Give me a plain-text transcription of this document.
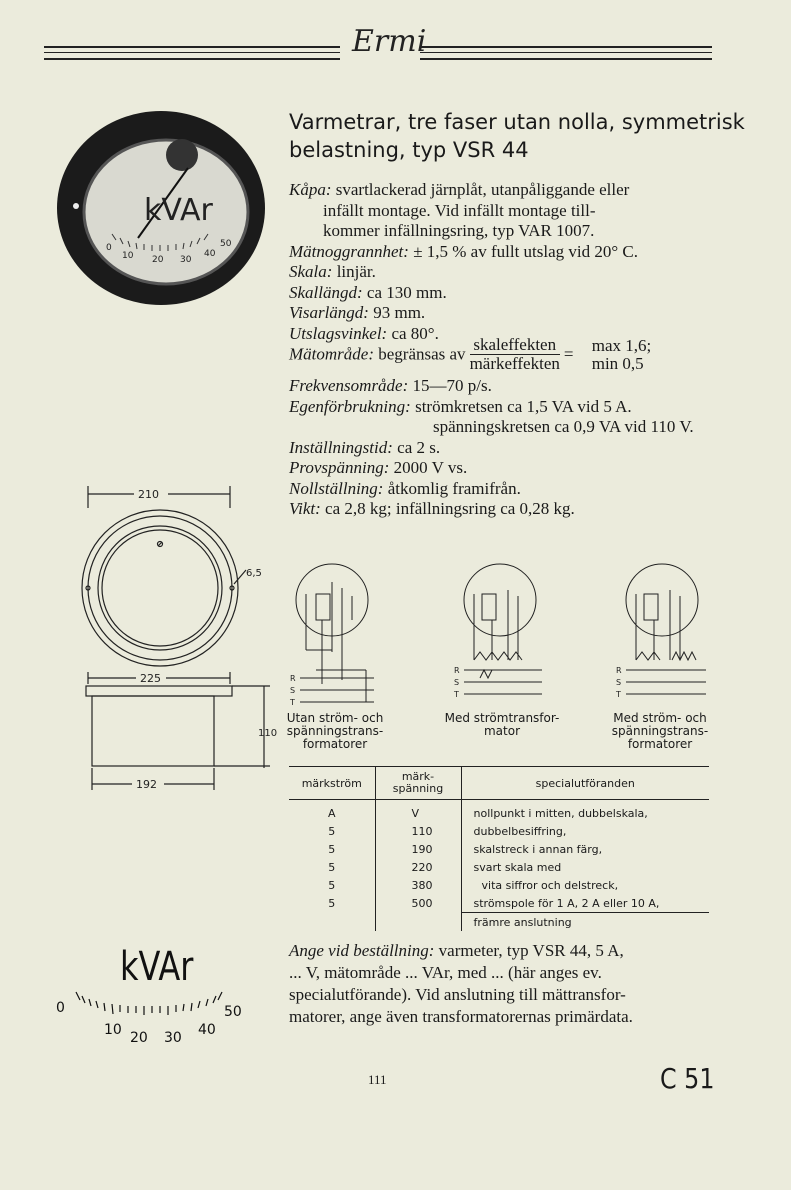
Ermi
kVAr
0
10 20 30
40
50
Varmetrar, tre faser utan nolla, symmetrisk belastning, typ VSR 44
Kåpa: svartlackerad järnplåt, utanpåliggande eller
infällt montage. Vid infällt montage till-
kommer infällningsring, typ VAR 1007.
Mätnoggrannhet: ± 1,5 % av fullt utslag vid 20° C.
Skala: linjär.
Skallängd: ca 130 mm.
Visarlängd: 93 mm.
Utslagsvinkel: ca 80°.
Mätområde: begränsas av $\frac{\text{skaleffekten}}{\text{märkeffekten}} = \max 1,6$;
min 0,5
Frekvensområde: 15—70 p/s.
Egenförbrukning: strömkretsen ca 1,5 VA vid 5 A.
spänningskretsen ca 0,9 VA vid 110 V.
Inställningstid: ca 2 s.
Provspänning: 2000 V vs.
Nollställning: åtkomlig framifrån.
Vikt: ca 2,8 kg; infällningsring ca 0,28 kg.
210
6,5
225
110
192
R
S
T
R
S
T
R
S
T
Utan ström- och
spänningstrans-
formatorer
Med strömtransfor-
mator
Med ström- och
spänningstrans-
formatorer
märkström	märk-
spänning	specialutföranden
A	V	nollpunkt i mitten, dubbelskala,
5	110	dubbelbesiffring,
5	190	skalstreck i annan färg,
5	220	svart skala med
5	380	vita siffror och delstreck,
5	500	strömspole för 1 A, 2 A eller 10 A,
		främre anslutning
kVAr
0
10 20 30 40
50
Ange vid beställning: varmeter, typ VSR 44, 5 A,
... V, mätområde ... VAr, med ... (här anges ev.
specialutförande). Vid anslutning till mättransfor-
matorer, ange även transformatorernas primärdata.
111	C 51
